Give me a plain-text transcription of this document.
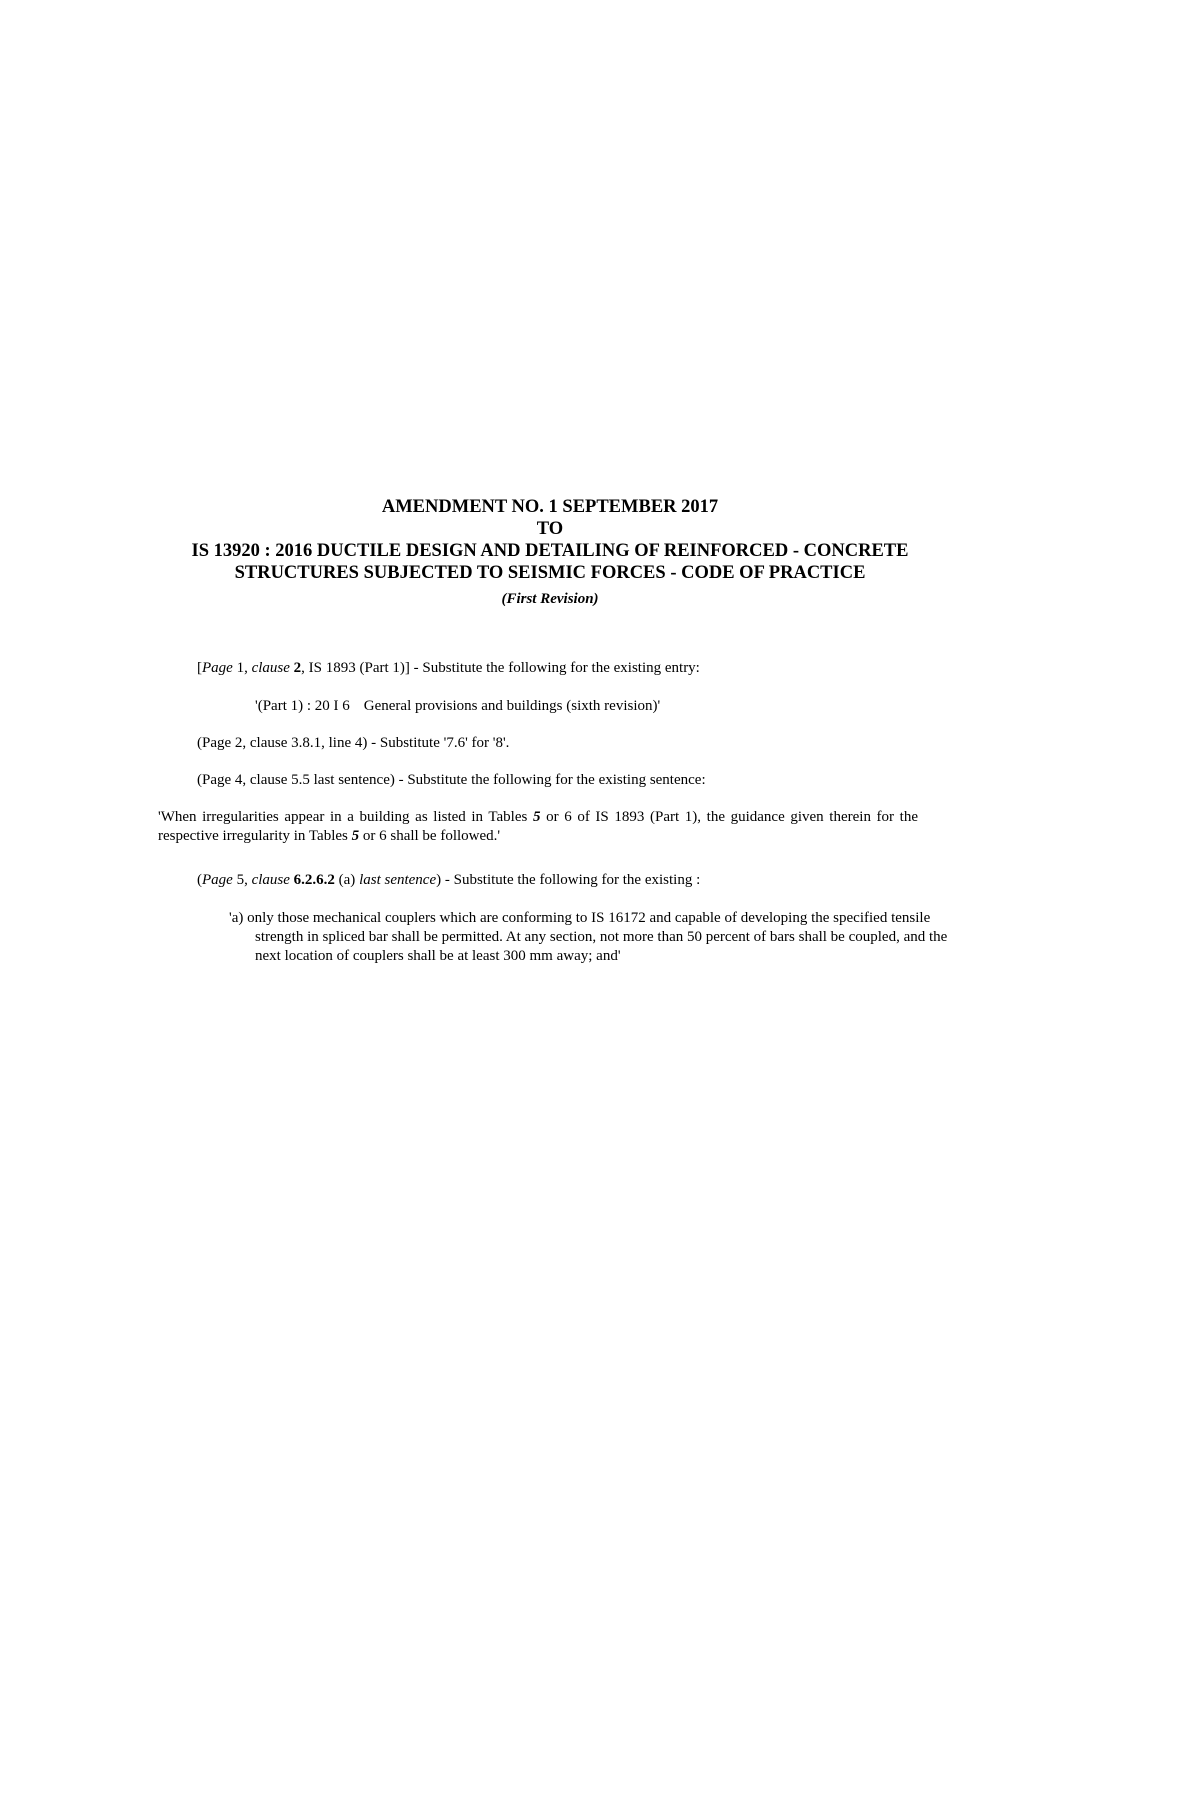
AMENDMENT NO. 1 SEPTEMBER 2017
TO
IS 13920 : 2016 DUCTILE DESIGN AND DETAILING OF REINFORCED - CONCRETE STRUCTURES SUBJECTED TO SEISMIC FORCES - CODE OF PRACTICE
(First Revision)
[Page 1, clause 2, IS 1893 (Part 1)] - Substitute the following for the existing entry:
'(Part 1) : 20 I 6 General provisions and buildings (sixth revision)'
(Page 2, clause 3.8.1, line 4) - Substitute '7.6' for '8'.
(Page 4, clause 5.5 last sentence) - Substitute the following for the existing sentence:
'When irregularities appear in a building as listed in Tables 5 or 6 of IS 1893 (Part 1), the guidance given therein for the respective irregularity in Tables 5 or 6 shall be followed.'
(Page 5, clause 6.2.6.2 (a) last sentence) - Substitute the following for the existing :
'a) only those mechanical couplers which are conforming to IS 16172 and capable of developing the specified tensile strength in spliced bar shall be permitted. At any section, not more than 50 percent of bars shall be coupled, and the next location of couplers shall be at least 300 mm away; and'
